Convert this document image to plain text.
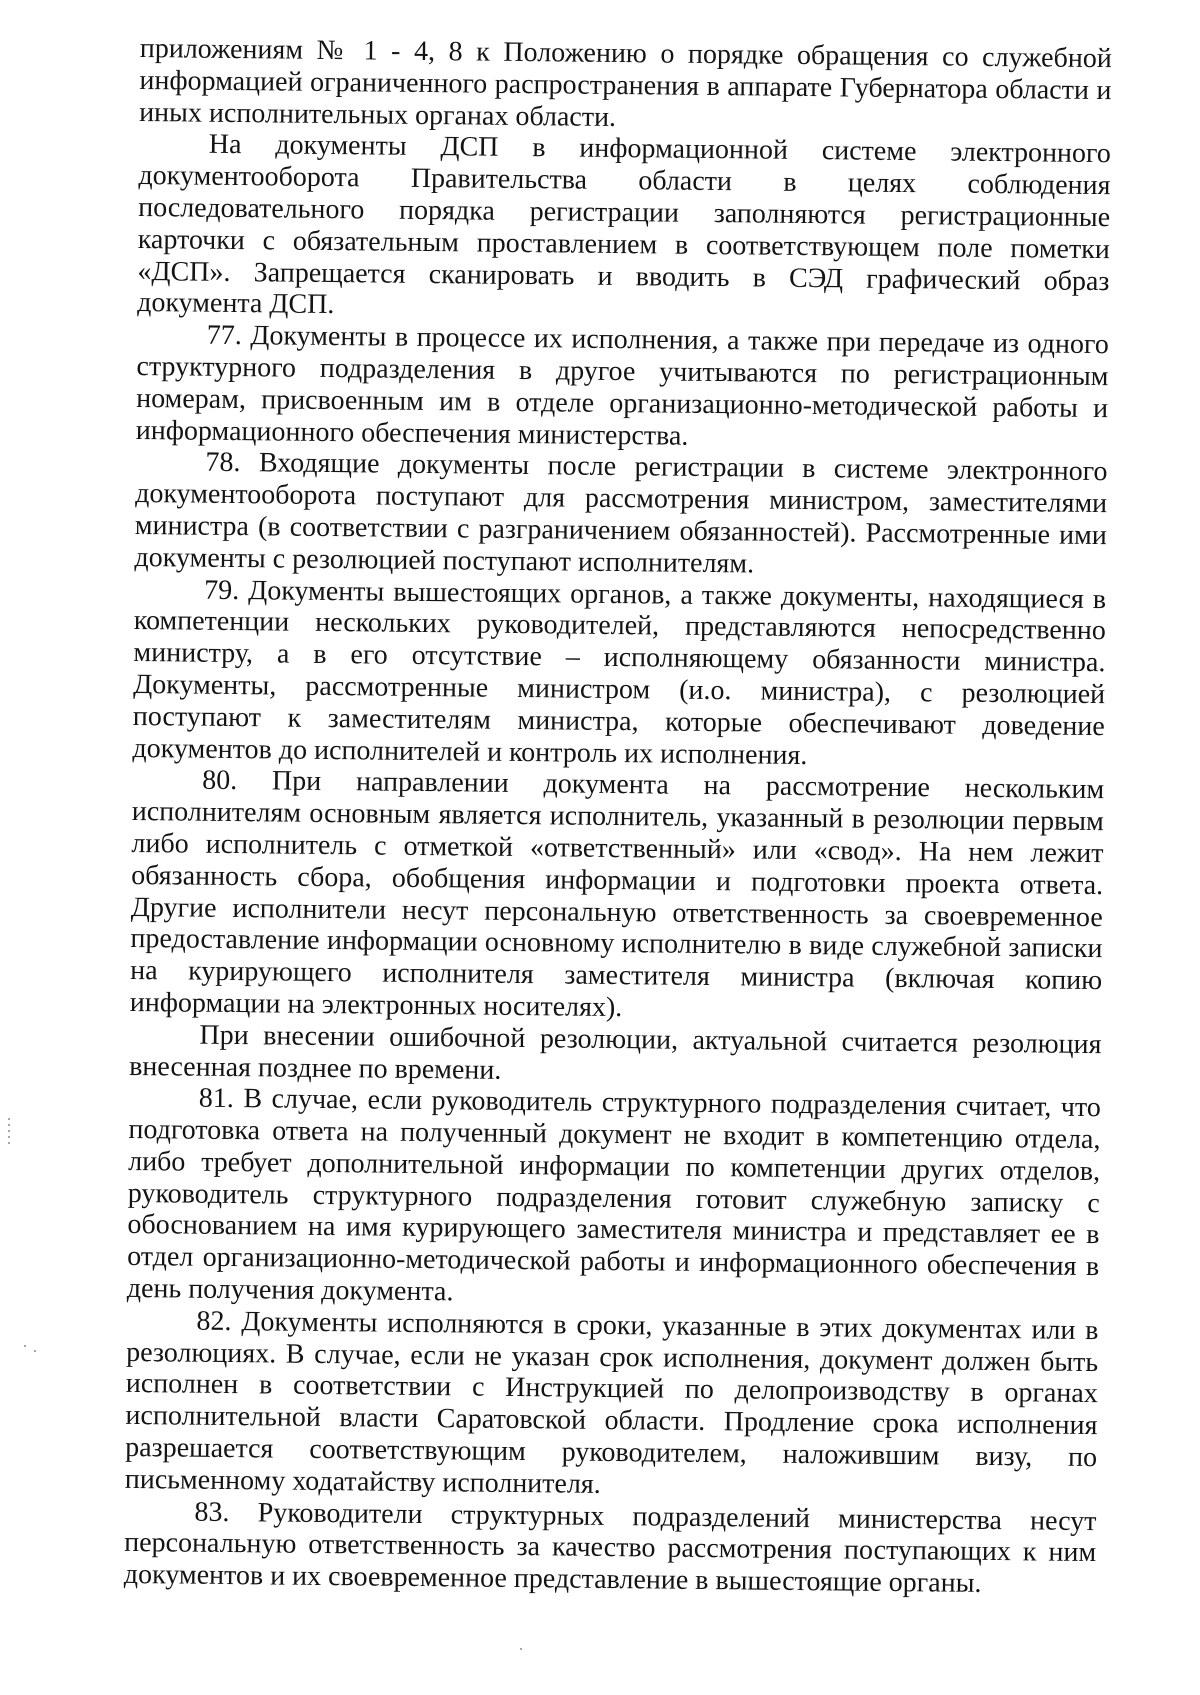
приложениям № 1 - 4, 8 к Положению о порядке обращения со служебной информацией ограниченного распространения в аппарате Губернатора области и иных исполнительных органах области.

На документы ДСП в информационной системе электронного документооборота Правительства области в целях соблюдения последовательного порядка регистрации заполняются регистрационные карточки с обязательным проставлением в соответствующем поле пометки «ДСП». Запрещается сканировать и вводить в СЭД графический образ документа ДСП.

77. Документы в процессе их исполнения, а также при передаче из одного структурного подразделения в другое учитываются по регистрационным номерам, присвоенным им в отделе организационно-методической работы и информационного обеспечения министерства.

78. Входящие документы после регистрации в системе электронного документооборота поступают для рассмотрения министром, заместителями министра (в соответствии с разграничением обязанностей). Рассмотренные ими документы с резолюцией поступают исполнителям.

79. Документы вышестоящих органов, а также документы, находящиеся в компетенции нескольких руководителей, представляются непосредственно министру, а в его отсутствие – исполняющему обязанности министра. Документы, рассмотренные министром (и.о. министра), с резолюцией поступают к заместителям министра, которые обеспечивают доведение документов до исполнителей и контроль их исполнения.

80. При направлении документа на рассмотрение нескольким исполнителям основным является исполнитель, указанный в резолюции первым либо исполнитель с отметкой «ответственный» или «свод». На нем лежит обязанность сбора, обобщения информации и подготовки проекта ответа. Другие исполнители несут персональную ответственность за своевременное предоставление информации основному исполнителю в виде служебной записки на курирующего исполнителя заместителя министра (включая копию информации на электронных носителях).

При внесении ошибочной резолюции, актуальной считается резолюция внесенная позднее по времени.

81. В случае, если руководитель структурного подразделения считает, что подготовка ответа на полученный документ не входит в компетенцию отдела, либо требует дополнительной информации по компетенции других отделов, руководитель структурного подразделения готовит служебную записку с обоснованием на имя курирующего заместителя министра и представляет ее в отдел организационно-методической работы и информационного обеспечения в день получения документа.

82. Документы исполняются в сроки, указанные в этих документах или в резолюциях. В случае, если не указан срок исполнения, документ должен быть исполнен в соответствии с Инструкцией по делопроизводству в органах исполнительной власти Саратовской области. Продление срока исполнения разрешается соответствующим руководителем, наложившим визу, по письменному ходатайству исполнителя.

83. Руководители структурных подразделений министерства несут персональную ответственность за качество рассмотрения поступающих к ним документов и их своевременное представление в вышестоящие органы.
